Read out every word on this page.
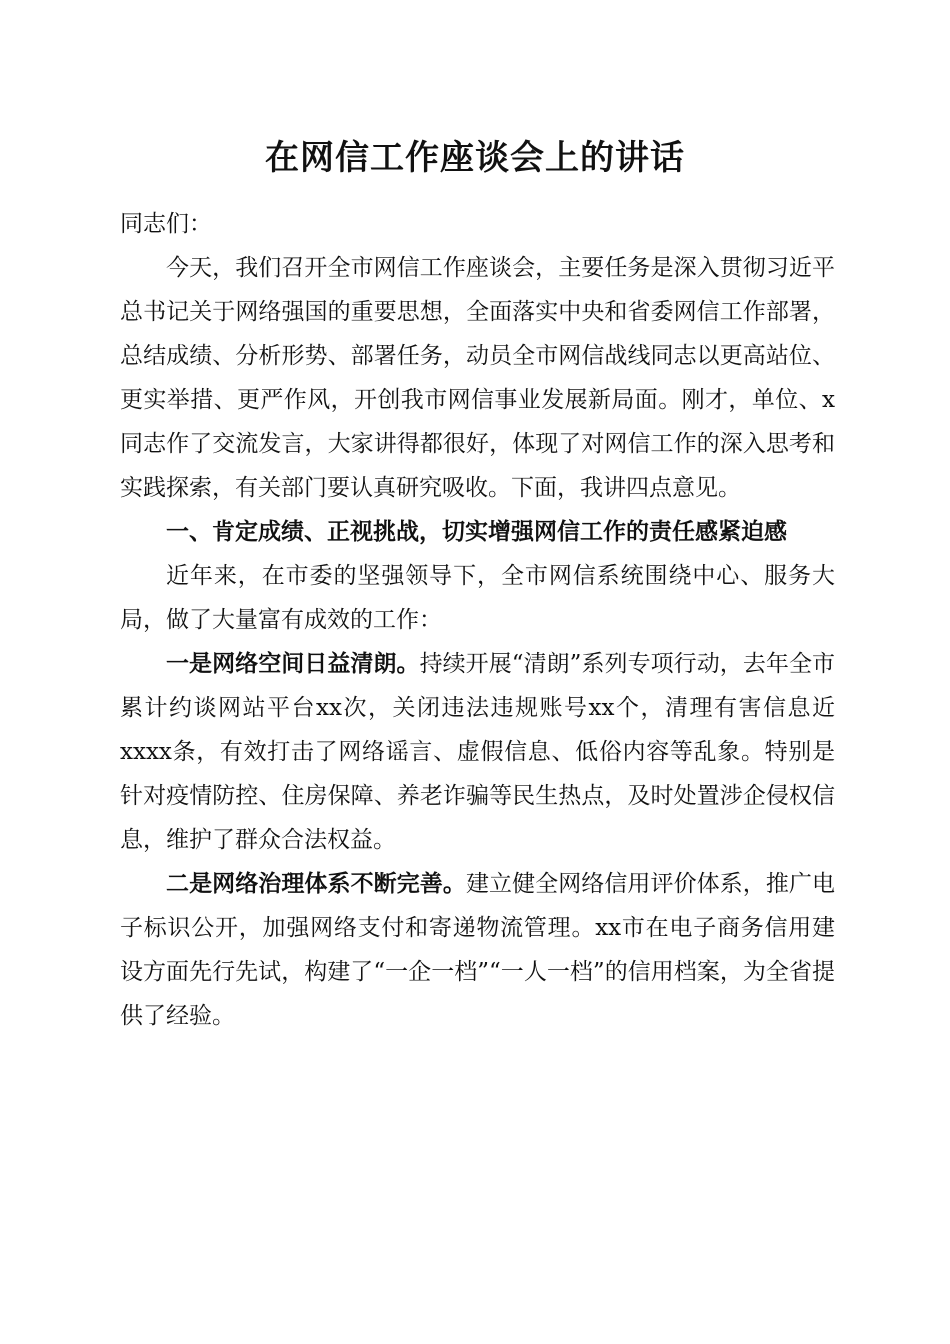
在网信工作座谈会上的讲话

同志们：

今天，我们召开全市网信工作座谈会，主要任务是深入贯彻习近平总书记关于网络强国的重要思想，全面落实中央和省委网信工作部署，总结成绩、分析形势、部署任务，动员全市网信战线同志以更高站位、更实举措、更严作风，开创我市网信事业发展新局面。刚才，单位、x同志作了交流发言，大家讲得都很好，体现了对网信工作的深入思考和实践探索，有关部门要认真研究吸收。下面，我讲四点意见。

一、肯定成绩、正视挑战，切实增强网信工作的责任感紧迫感

近年来，在市委的坚强领导下，全市网信系统围绕中心、服务大局，做了大量富有成效的工作：

一是网络空间日益清朗。持续开展“清朗”系列专项行动，去年全市累计约谈网站平台xx次，关闭违法违规账号xx个，清理有害信息近xxxx条，有效打击了网络谣言、虚假信息、低俗内容等乱象。特别是针对疫情防控、住房保障、养老诈骗等民生热点，及时处置涉企侵权信息，维护了群众合法权益。

二是网络治理体系不断完善。建立健全网络信用评价体系，推广电子标识公开，加强网络支付和寄递物流管理。xx市在电子商务信用建设方面先行先试，构建了“一企一档”“一人一档”的信用档案，为全省提供了经验。
